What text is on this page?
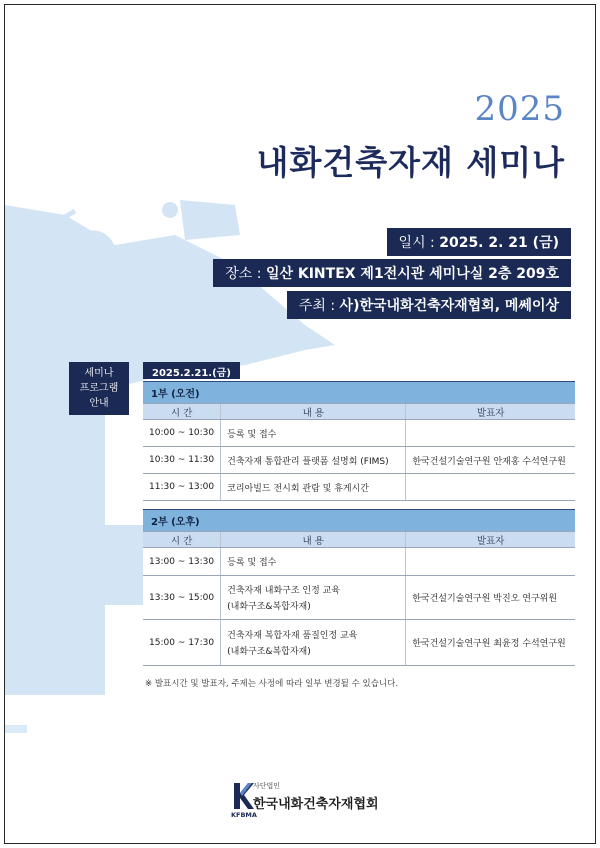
2025
내화건축자재 세미나
일시 : 2025. 2. 21 (금)
장소 : 일산 KINTEX 제1전시관 세미나실 2층 209호
주최 : 사)한국내화건축자재협회, 메쎄이상
세미나
프로그램
안내
2025.2.21.(금)
1부 (오전)		
시 간	내 용	발표자
10:00 ~ 10:30	등록 및 접수	
10:30 ~ 11:30	건축자재 통합관리 플랫폼 설명회 (FIMS)	한국건설기술연구원 안재홍 수석연구원
11:30 ~ 13:00	코리아빌드 전시회 관람 및 휴게시간	
2부 (오후)		
시 간	내 용	발표자
13:00 ~ 13:30	등록 및 접수	
13:30 ~ 15:00	건축자재 내화구조 인정 교육
(내화구조&복합자재)	한국건설기술연구원 박진오 연구위원
15:00 ~ 17:30	건축자재 복합자재 품질인정 교육
(내화구조&복합자재)	한국건설기술연구원 최윤정 수석연구원
※ 발표시간 및 발표자, 주제는 사정에 따라 일부 변경될 수 있습니다.
사단법인
한국내화건축자재협회
KFBMA
